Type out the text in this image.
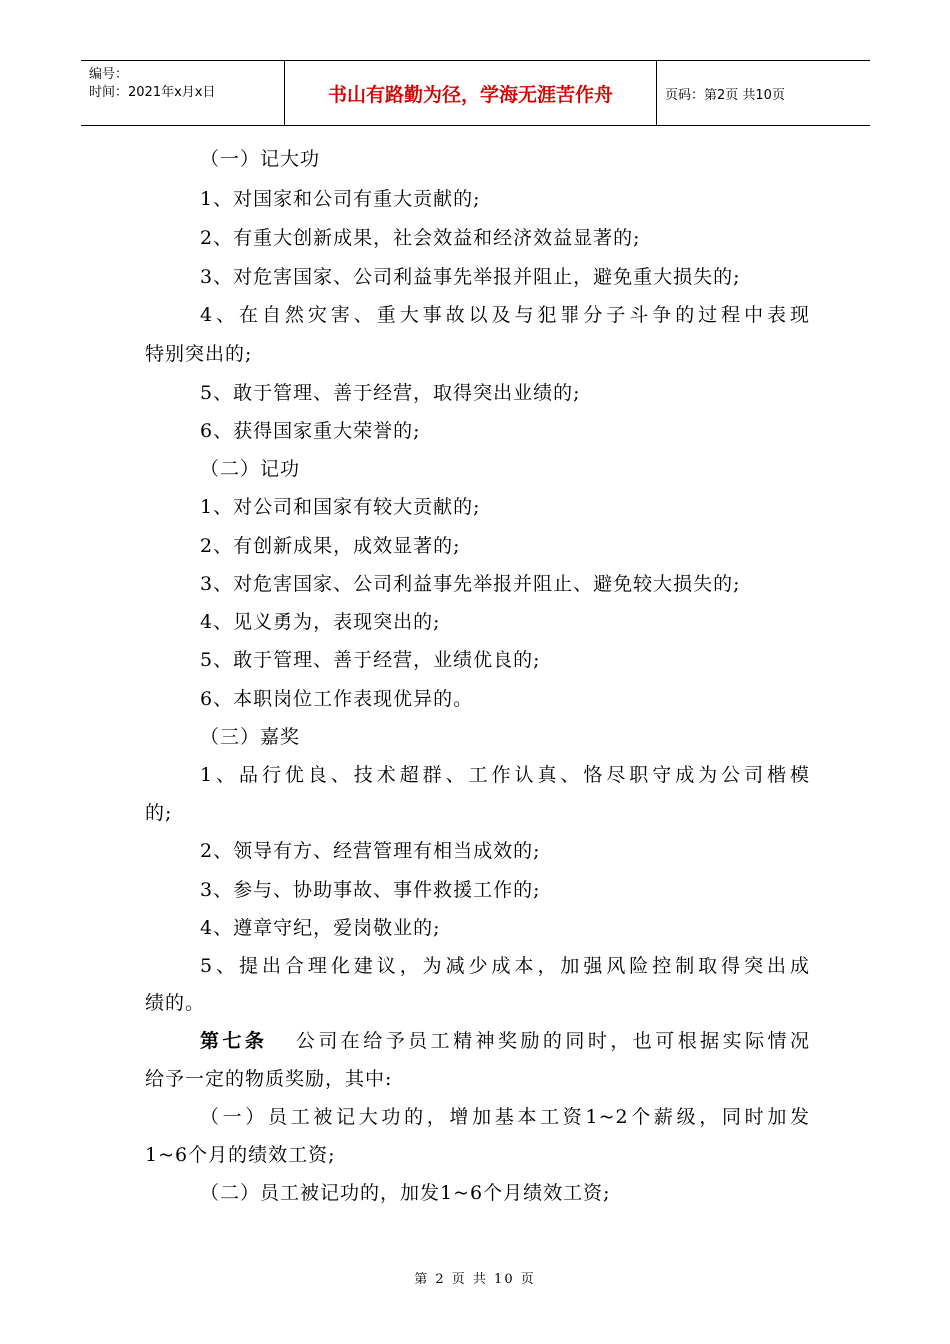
编号：
时间：2021年x月x日	书山有路勤为径，学海无涯苦作舟	页码：第2页 共10页
（一）记大功
1、对国家和公司有重大贡献的;
2、有重大创新成果，社会效益和经济效益显著的;
3、对危害国家、公司利益事先举报并阻止，避免重大损失的;
4、在自然灾害、重大事故以及与犯罪分子斗争的过程中表现
特别突出的;
5、敢于管理、善于经营，取得突出业绩的;
6、获得国家重大荣誉的;
（二）记功
1、对公司和国家有较大贡献的;
2、有创新成果，成效显著的;
3、对危害国家、公司利益事先举报并阻止、避免较大损失的;
4、见义勇为，表现突出的;
5、敢于管理、善于经营，业绩优良的;
6、本职岗位工作表现优异的。
（三）嘉奖
1、品行优良、技术超群、工作认真、恪尽职守成为公司楷模
的;
2、领导有方、经营管理有相当成效的;
3、参与、协助事故、事件救援工作的;
4、遵章守纪，爱岗敬业的;
5、提出合理化建议，为减少成本，加强风险控制取得突出成
绩的。
第七条 公司在给予员工精神奖励的同时，也可根据实际情况
给予一定的物质奖励，其中:
（一）员工被记大功的，增加基本工资1~2个薪级，同时加发
1~6个月的绩效工资;
（二）员工被记功的，加发1~6个月绩效工资;
第 2 页 共 10 页
